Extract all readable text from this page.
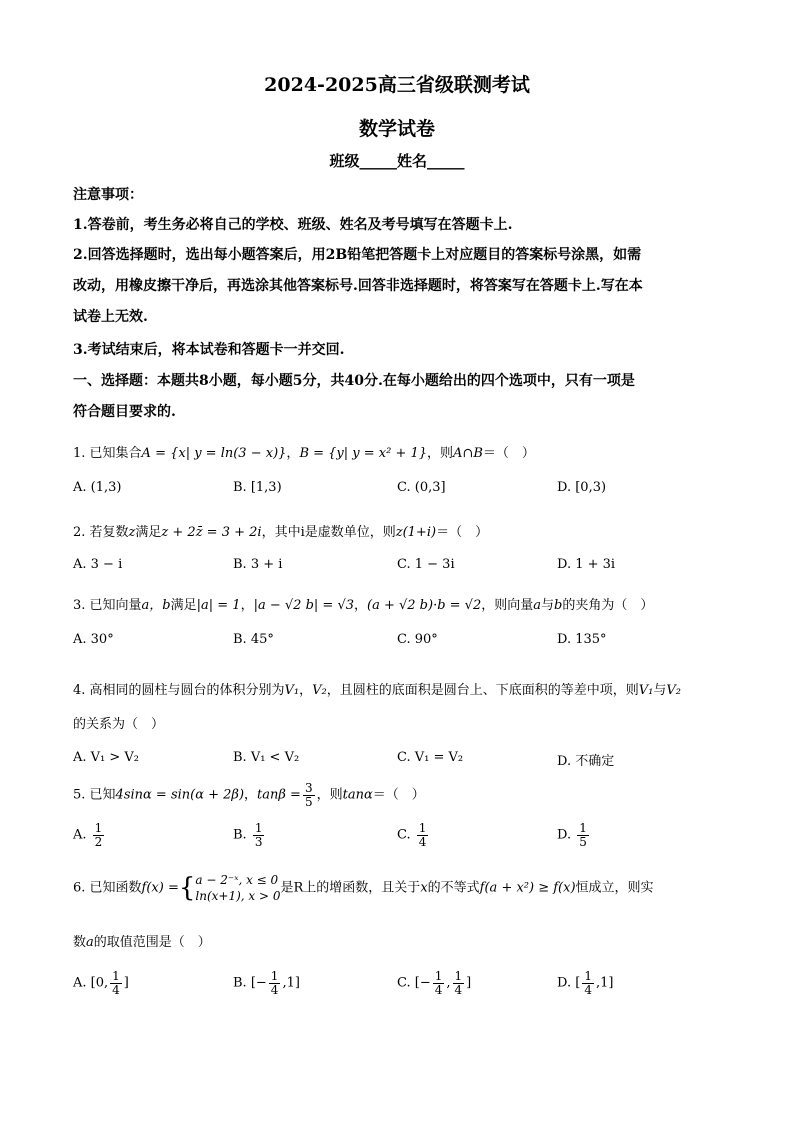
2024-2025高三省级联测考试
数学试卷
班级_____姓名_____
注意事项：
1.答卷前，考生务必将自己的学校、班级、姓名及考号填写在答题卡上.
2.回答选择题时，选出每小题答案后，用2B铅笔把答题卡上对应题目的答案标号涂黑，如需
改动，用橡皮擦干净后，再选涂其他答案标号.回答非选择题时，将答案写在答题卡上.写在本
试卷上无效.
3.考试结束后，将本试卷和答题卡一并交回.
一、选择题：本题共8小题，每小题5分，共40分.在每小题给出的四个选项中，只有一项是
符合题目要求的.
1. 已知集合A = {x| y = ln(3 − x)}，B = {y| y = x² + 1}，则A∩B＝（　）
A. (1,3)	B. [1,3)	C. (0,3]	D. [0,3)
2. 若复数z满足z + 2z̄ = 3 + 2i，其中i是虚数单位，则z(1+i)＝（　）
A. 3 − i	B. 3 + i	C. 1 − 3i	D. 1 + 3i
3. 已知向量a，b满足|a| = 1，|a − √2 b| = √3，(a + √2 b)·b = √2，则向量a与b的夹角为（　）
A. 30°	B. 45°	C. 90°	D. 135°
4. 高相同的圆柱与圆台的体积分别为V₁，V₂，且圆柱的底面积是圆台上、下底面积的等差中项，则V₁与V₂
的关系为（　）
A. V₁ > V₂	B. V₁ < V₂	C. V₁ = V₂	D. 不确定
5. 已知4sinα = sin(α + 2β)，$\tan\beta = \frac{3}{5}$ ，则tanα＝（　）
A. $\frac{1}{2}$	B. $\frac{1}{3}$	C. $\frac{1}{4}$	D. $\frac{1}{5}$
6. 已知函数f(x) = { a − 2⁻ˣ, x ≤ 0
ln(x+1), x > 0
是R上的增函数，且关于x的不等式f(a + x²) ≥ f(x)恒成立，则实
数a的取值范围是（　）
A. [0, $\frac{1}{4}$ ]	B. [− $\frac{1}{4} ,1$]	C. [− $\frac{1}{4}$ , $\frac{1}{4}$ ]	D. [ $\frac{1}{4} ,1$]
